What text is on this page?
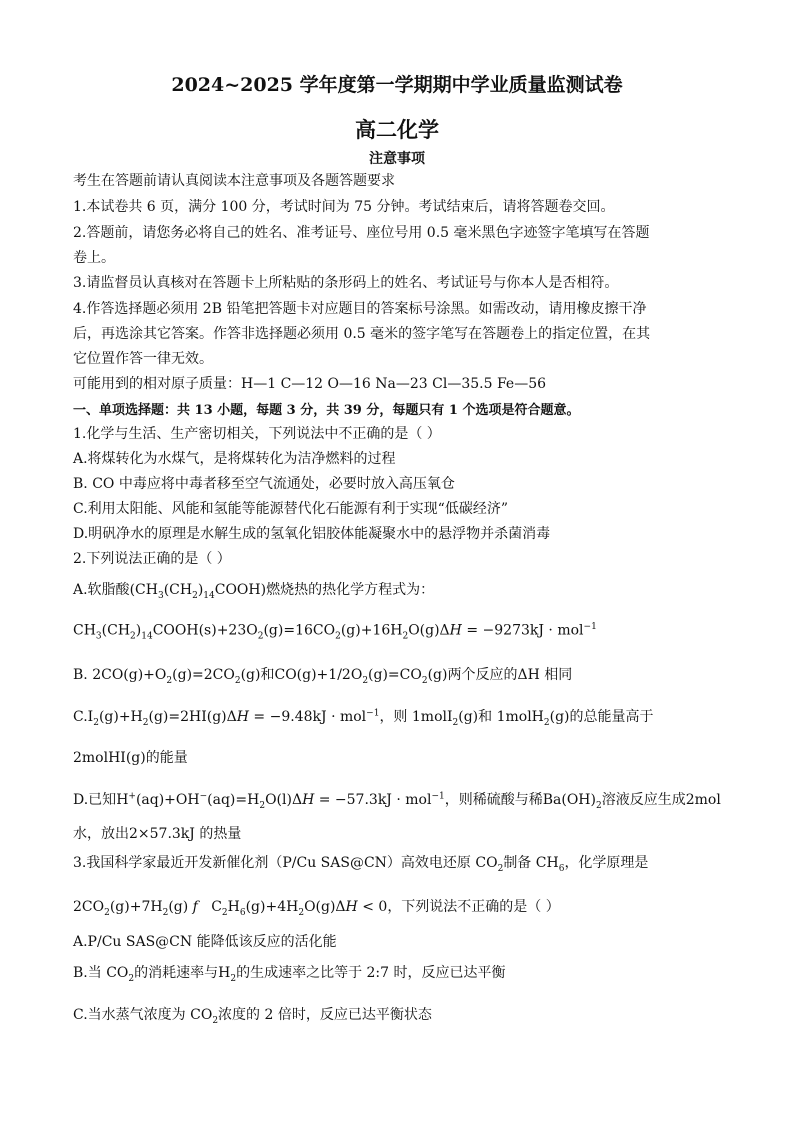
2024~2025 学年度第一学期期中学业质量监测试卷
高二化学
注意事项
考生在答题前请认真阅读本注意事项及各题答题要求
1.本试卷共 6 页，满分 100 分，考试时间为 75 分钟。考试结束后，请将答题卷交回。
2.答题前，请您务必将自己的姓名、准考证号、座位号用 0.5 毫米黑色字迹签字笔填写在答题
卷上。
3.请监督员认真核对在答题卡上所粘贴的条形码上的姓名、考试证号与你本人是否相符。
4.作答选择题必须用 2B 铅笔把答题卡对应题目的答案标号涂黑。如需改动，请用橡皮擦干净
后，再选涂其它答案。作答非选择题必须用 0.5 毫米的签字笔写在答题卷上的指定位置，在其
它位置作答一律无效。
可能用到的相对原子质量：H—1 C—12 O—16 Na—23 Cl—35.5 Fe—56
一、单项选择题：共 13 小题，每题 3 分，共 39 分，每题只有 1 个选项是符合题意。
1.化学与生活、生产密切相关，下列说法中不正确的是（ ）
A.将煤转化为水煤气，是将煤转化为洁净燃料的过程
B. CO 中毒应将中毒者移至空气流通处，必要时放入高压氧仓
C.利用太阳能、风能和氢能等能源替代化石能源有利于实现“低碳经济”
D.明矾净水的原理是水解生成的氢氧化铝胶体能凝聚水中的悬浮物并杀菌消毒
2.下列说法正确的是（ ）
A.软脂酸$(CH_3(CH_2)_{14}COOH)$燃烧热的热化学方程式为：
$CH_3(CH_2)_{14}COOH(s)+23O_2(g)=16CO_2(g)+16H_2O(g)\Delta H = -9273kJ \cdot mol^{-1}$
B. $2CO(g)+O_2(g)=2CO_2(g)$和$CO(g)+1/2O_2(g)=CO_2(g)$两个反应的ΔH 相同
$C.I_2(g)+H_2(g)=2HI(g)\Delta H = -9.48kJ \cdot mol^{-1}$，则 1molI$_2$(g)和 1molH$_2$(g)的总能量高于
2molHI(g)的能量
D.已知$H^+(aq)+OH^-(aq)=H_2O(l)\Delta H = -57.3kJ \cdot mol^{-1}$，则稀硫酸与稀$Ba(OH)_2$溶液反应生成2mol
水，放出2×57.3kJ 的热量
3.我国科学家最近开发新催化剂（P/Cu SAS@CN）高效电还原 $CO_2$制备 $CH_6$，化学原理是
$2CO_2(g)+7H_2(g)$ f   $C_2H_6(g)+4H_2O(g)\Delta H < 0$，下列说法不正确的是（ ）
A.P/Cu SAS@CN 能降低该反应的活化能
B.当 $CO_2$的消耗速率与$H_2$的生成速率之比等于 2:7 时，反应已达平衡
C.当水蒸气浓度为 $CO_2$浓度的 2 倍时，反应已达平衡状态
